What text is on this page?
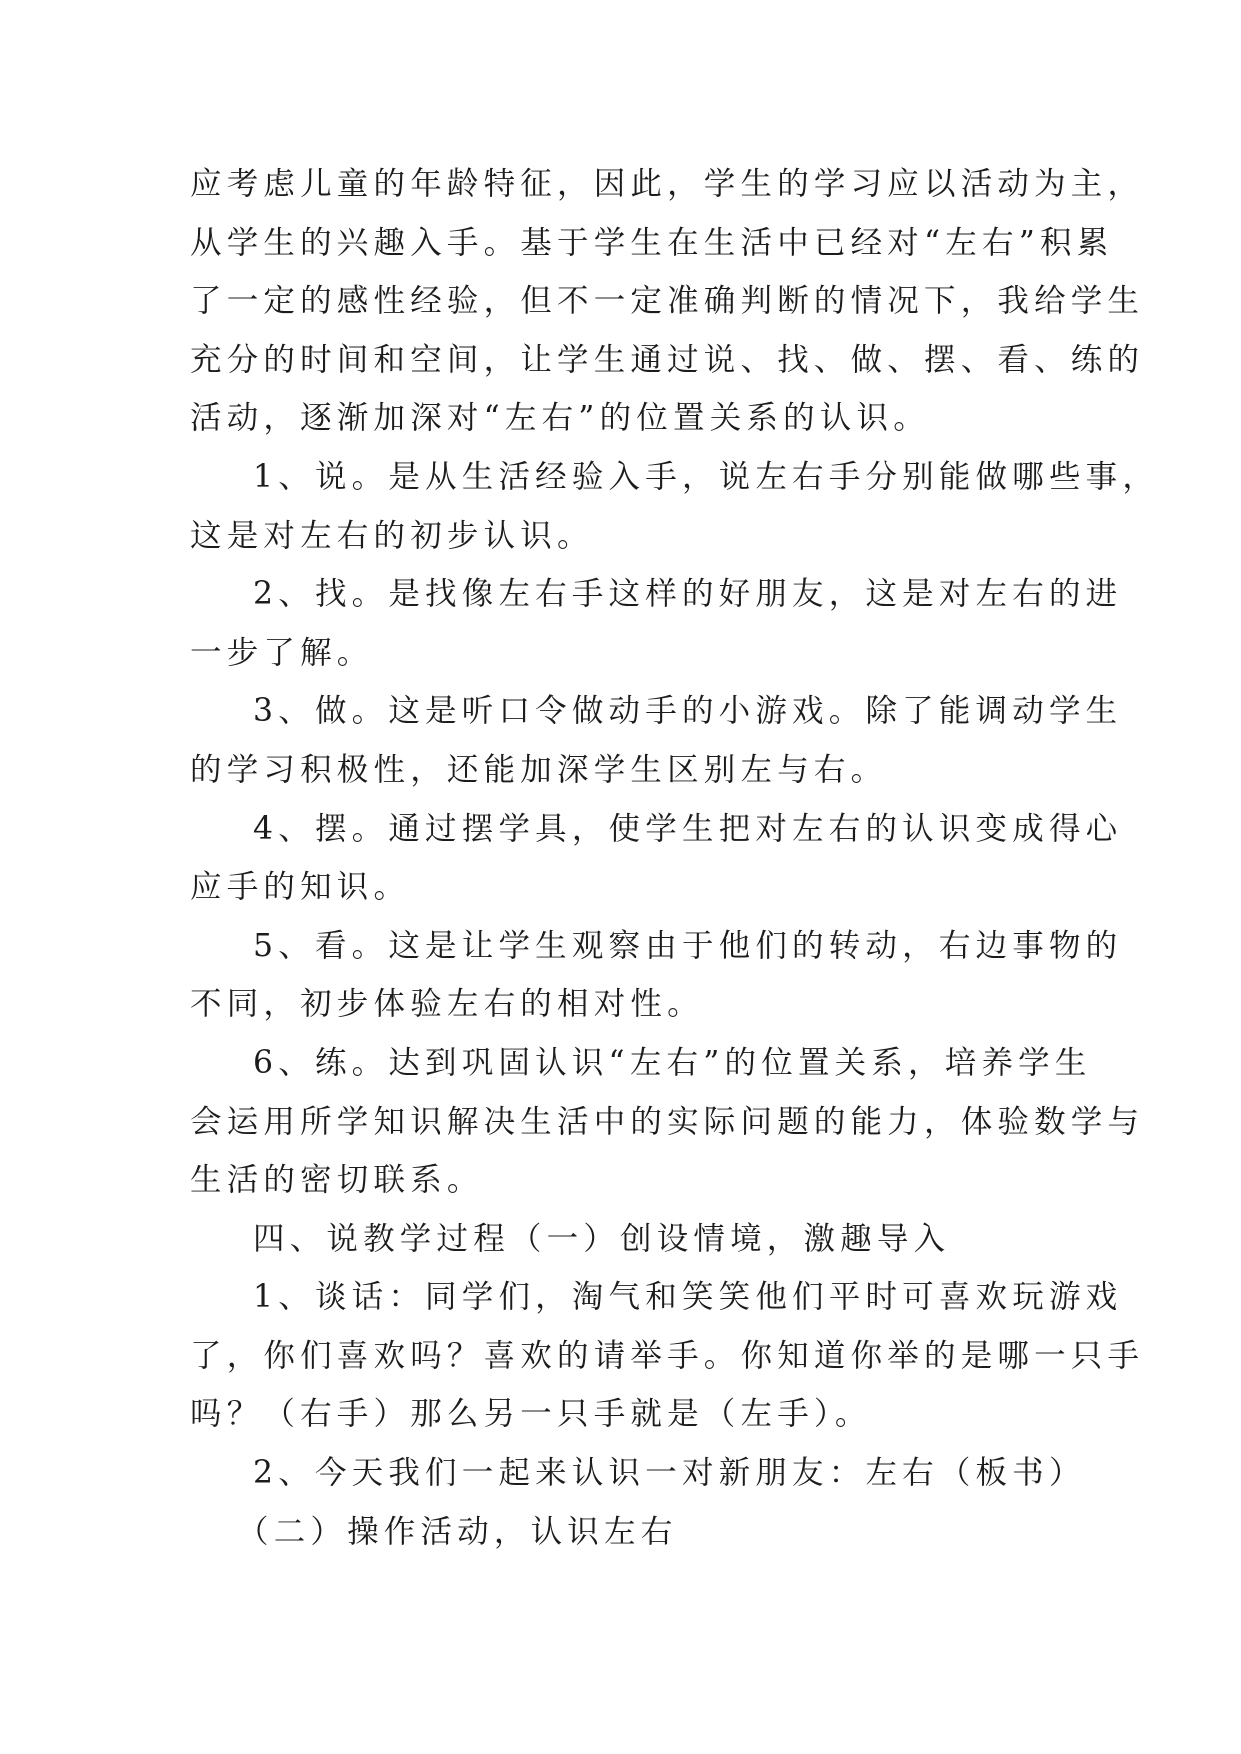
应考虑儿童的年龄特征，因此，学生的学习应以活动为主，
从学生的兴趣入手。基于学生在生活中已经对“左右”积累
了一定的感性经验，但不一定准确判断的情况下，我给学生
充分的时间和空间，让学生通过说、找、做、摆、看、练的
活动，逐渐加深对“左右”的位置关系的认识。

1、说。是从生活经验入手，说左右手分别能做哪些事，
这是对左右的初步认识。

2、找。是找像左右手这样的好朋友，这是对左右的进
一步了解。

3、做。这是听口令做动手的小游戏。除了能调动学生
的学习积极性，还能加深学生区别左与右。

4、摆。通过摆学具，使学生把对左右的认识变成得心
应手的知识。

5、看。这是让学生观察由于他们的转动，右边事物的
不同，初步体验左右的相对性。

6、练。达到巩固认识“左右”的位置关系，培养学生
会运用所学知识解决生活中的实际问题的能力，体验数学与
生活的密切联系。

四、说教学过程（一）创设情境，激趣导入

1、谈话：同学们，淘气和笑笑他们平时可喜欢玩游戏
了，你们喜欢吗？喜欢的请举手。你知道你举的是哪一只手
吗？（右手）那么另一只手就是（左手）。

2、今天我们一起来认识一对新朋友：左右（板书）

（二）操作活动，认识左右
